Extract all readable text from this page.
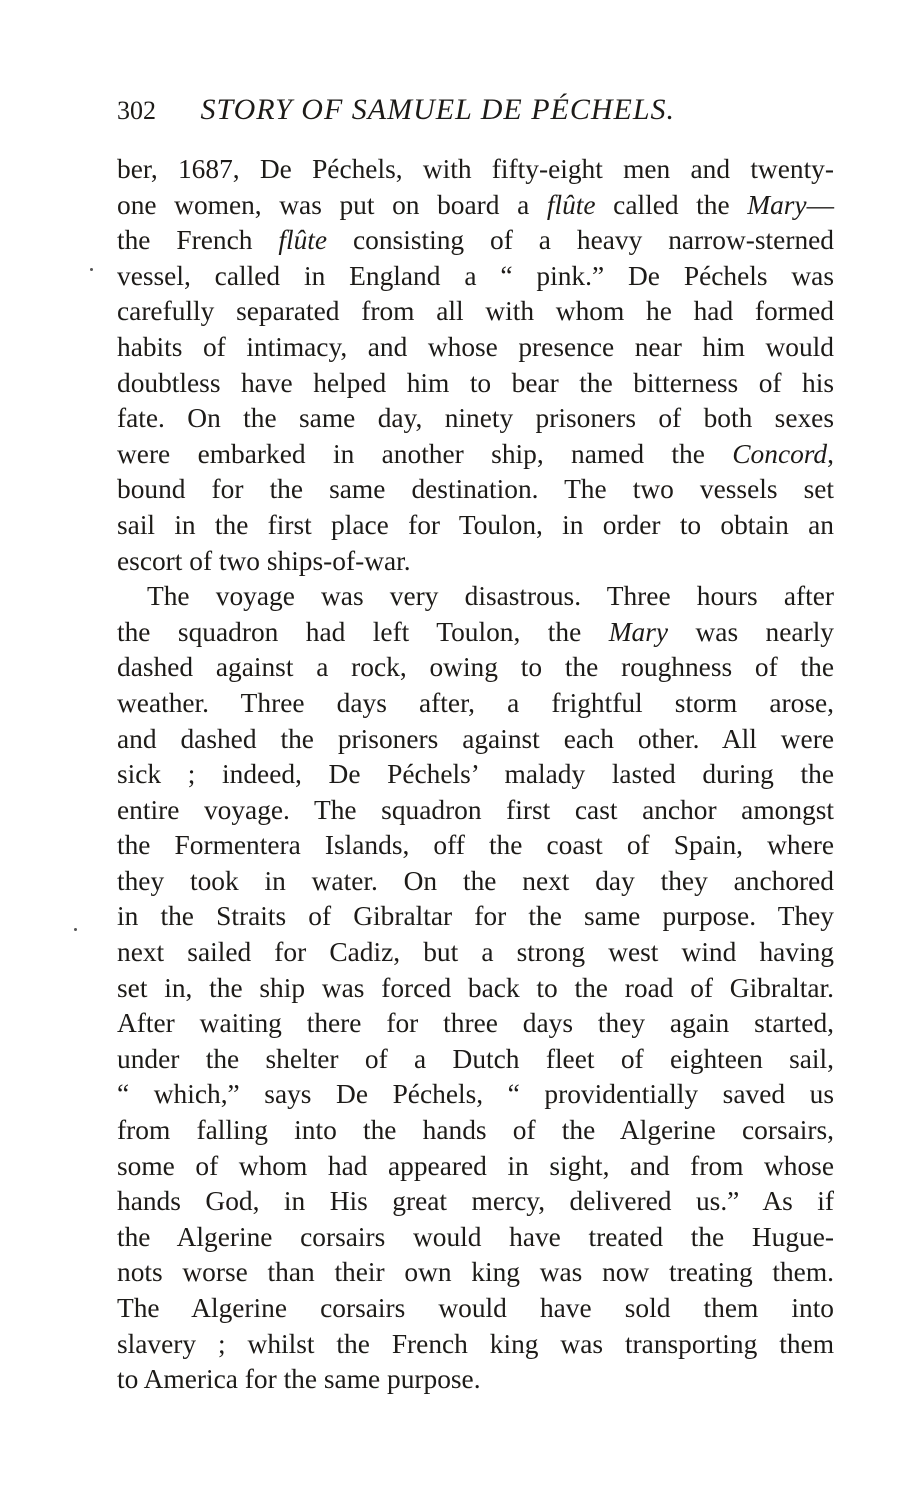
302 STORY OF SAMUEL DE PÉCHELS.
ber, 1687, De Péchels, with fifty-eight men and twenty-
one women, was put on board a flûte called the Mary—
the French flûte consisting of a heavy narrow-sterned
vessel, called in England a “ pink.” De Péchels was
carefully separated from all with whom he had formed
habits of intimacy, and whose presence near him would
doubtless have helped him to bear the bitterness of his
fate. On the same day, ninety prisoners of both sexes
were embarked in another ship, named the Concord,
bound for the same destination. The two vessels set
sail in the first place for Toulon, in order to obtain an
escort of two ships-of-war.
The voyage was very disastrous. Three hours after
the squadron had left Toulon, the Mary was nearly
dashed against a rock, owing to the roughness of the
weather. Three days after, a frightful storm arose,
and dashed the prisoners against each other. All were
sick ; indeed, De Péchels’ malady lasted during the
entire voyage. The squadron first cast anchor amongst
the Formentera Islands, off the coast of Spain, where
they took in water. On the next day they anchored
in the Straits of Gibraltar for the same purpose. They
next sailed for Cadiz, but a strong west wind having
set in, the ship was forced back to the road of Gibraltar.
After waiting there for three days they again started,
under the shelter of a Dutch fleet of eighteen sail,
“ which,” says De Péchels, “ providentially saved us
from falling into the hands of the Algerine corsairs,
some of whom had appeared in sight, and from whose
hands God, in His great mercy, delivered us.” As if
the Algerine corsairs would have treated the Hugue-
nots worse than their own king was now treating them.
The Algerine corsairs would have sold them into
slavery ; whilst the French king was transporting them
to America for the same purpose.
